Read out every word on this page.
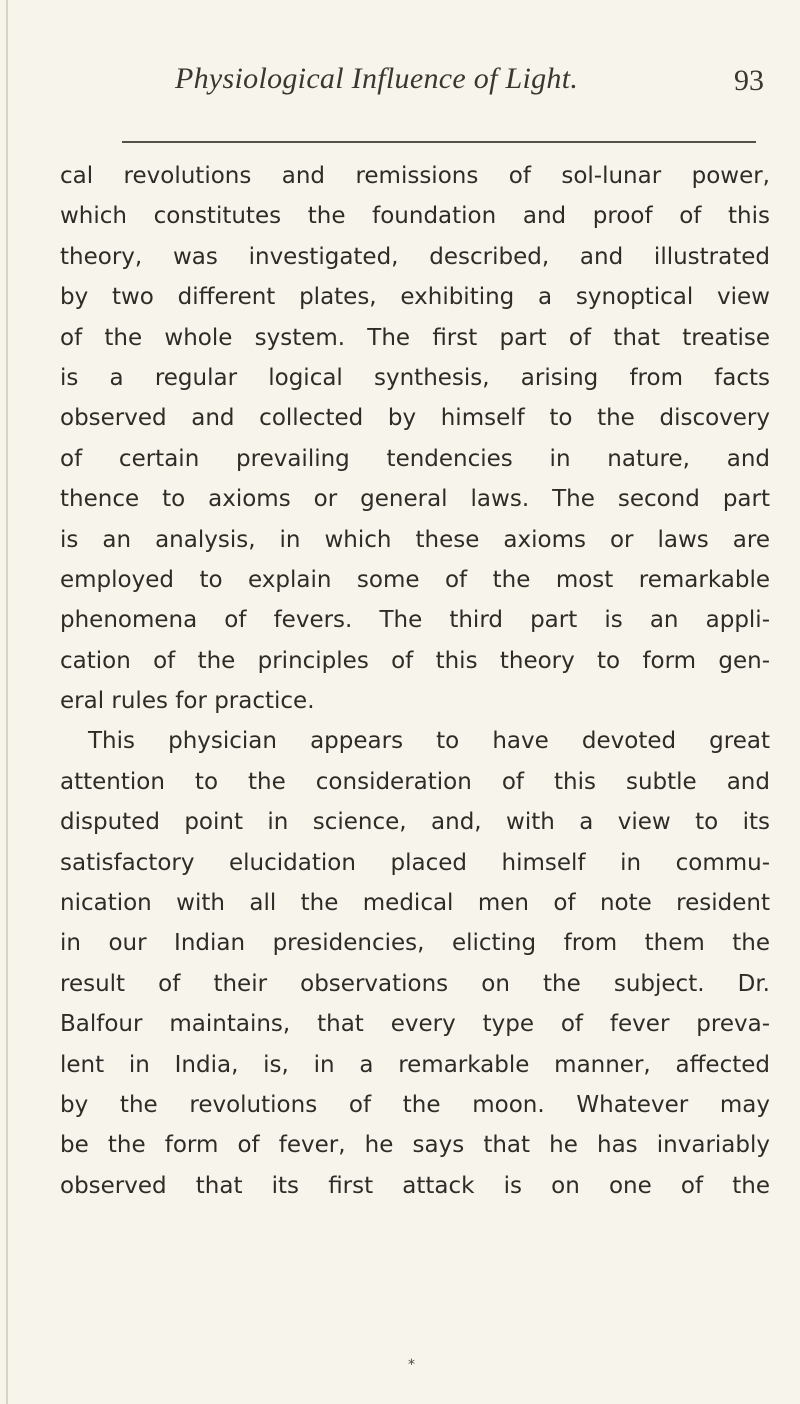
Physiological Influence of Light.	93
cal revolutions and remissions of sol-lunar power,
which constitutes the foundation and proof of this
theory, was investigated, described, and illustrated
by two different plates, exhibiting a synoptical view
of the whole system. The first part of that treatise
is a regular logical synthesis, arising from facts
observed and collected by himself to the discovery
of certain prevailing tendencies in nature, and
thence to axioms or general laws. The second part
is an analysis, in which these axioms or laws are
employed to explain some of the most remarkable
phenomena of fevers. The third part is an appli-
cation of the principles of this theory to form gen-
eral rules for practice.
This physician appears to have devoted great
attention to the consideration of this subtle and
disputed point in science, and, with a view to its
satisfactory elucidation placed himself in commu-
nication with all the medical men of note resident
in our Indian presidencies, elicting from them the
result of their observations on the subject. Dr.
Balfour maintains, that every type of fever preva-
lent in India, is, in a remarkable manner, affected
by the revolutions of the moon. Whatever may
be the form of fever, he says that he has invariably
observed that its first attack is on one of the
*
